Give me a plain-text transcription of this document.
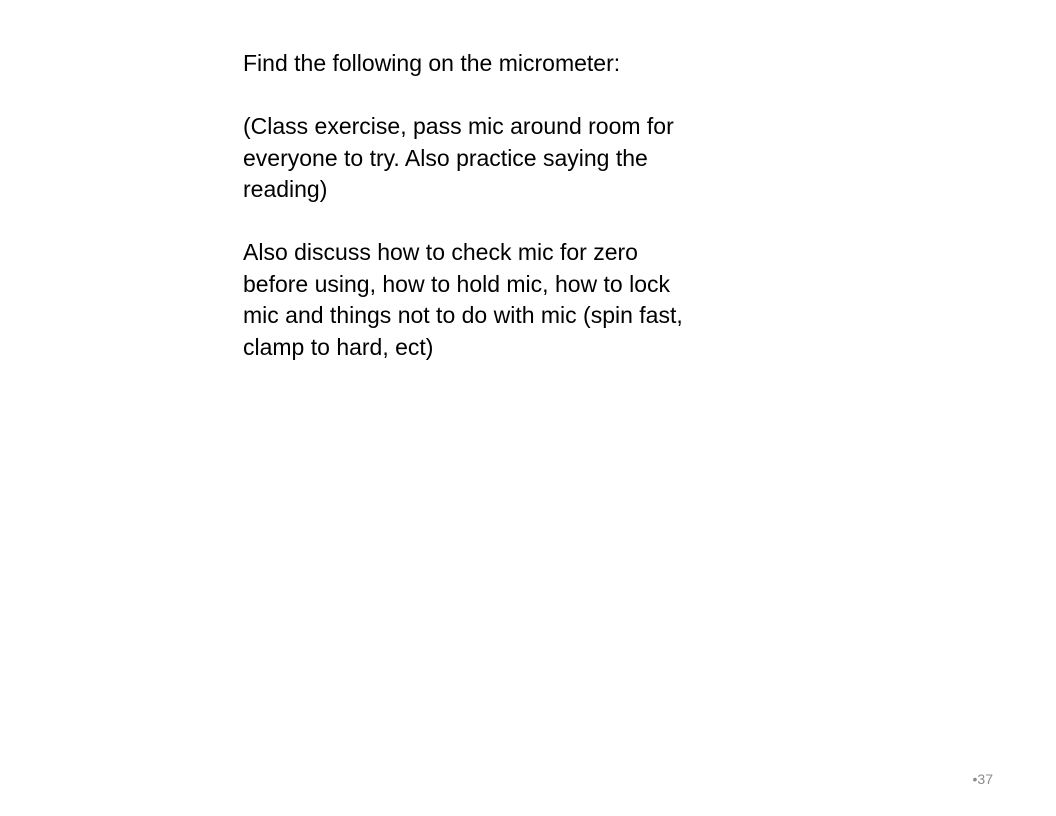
Find the following on the micrometer:

(Class exercise, pass mic around room for
everyone to try. Also practice saying the
reading)

Also discuss how to check mic for zero
before using, how to hold mic, how to lock
mic and things not to do with mic (spin fast,
clamp to hard, ect)

•37
